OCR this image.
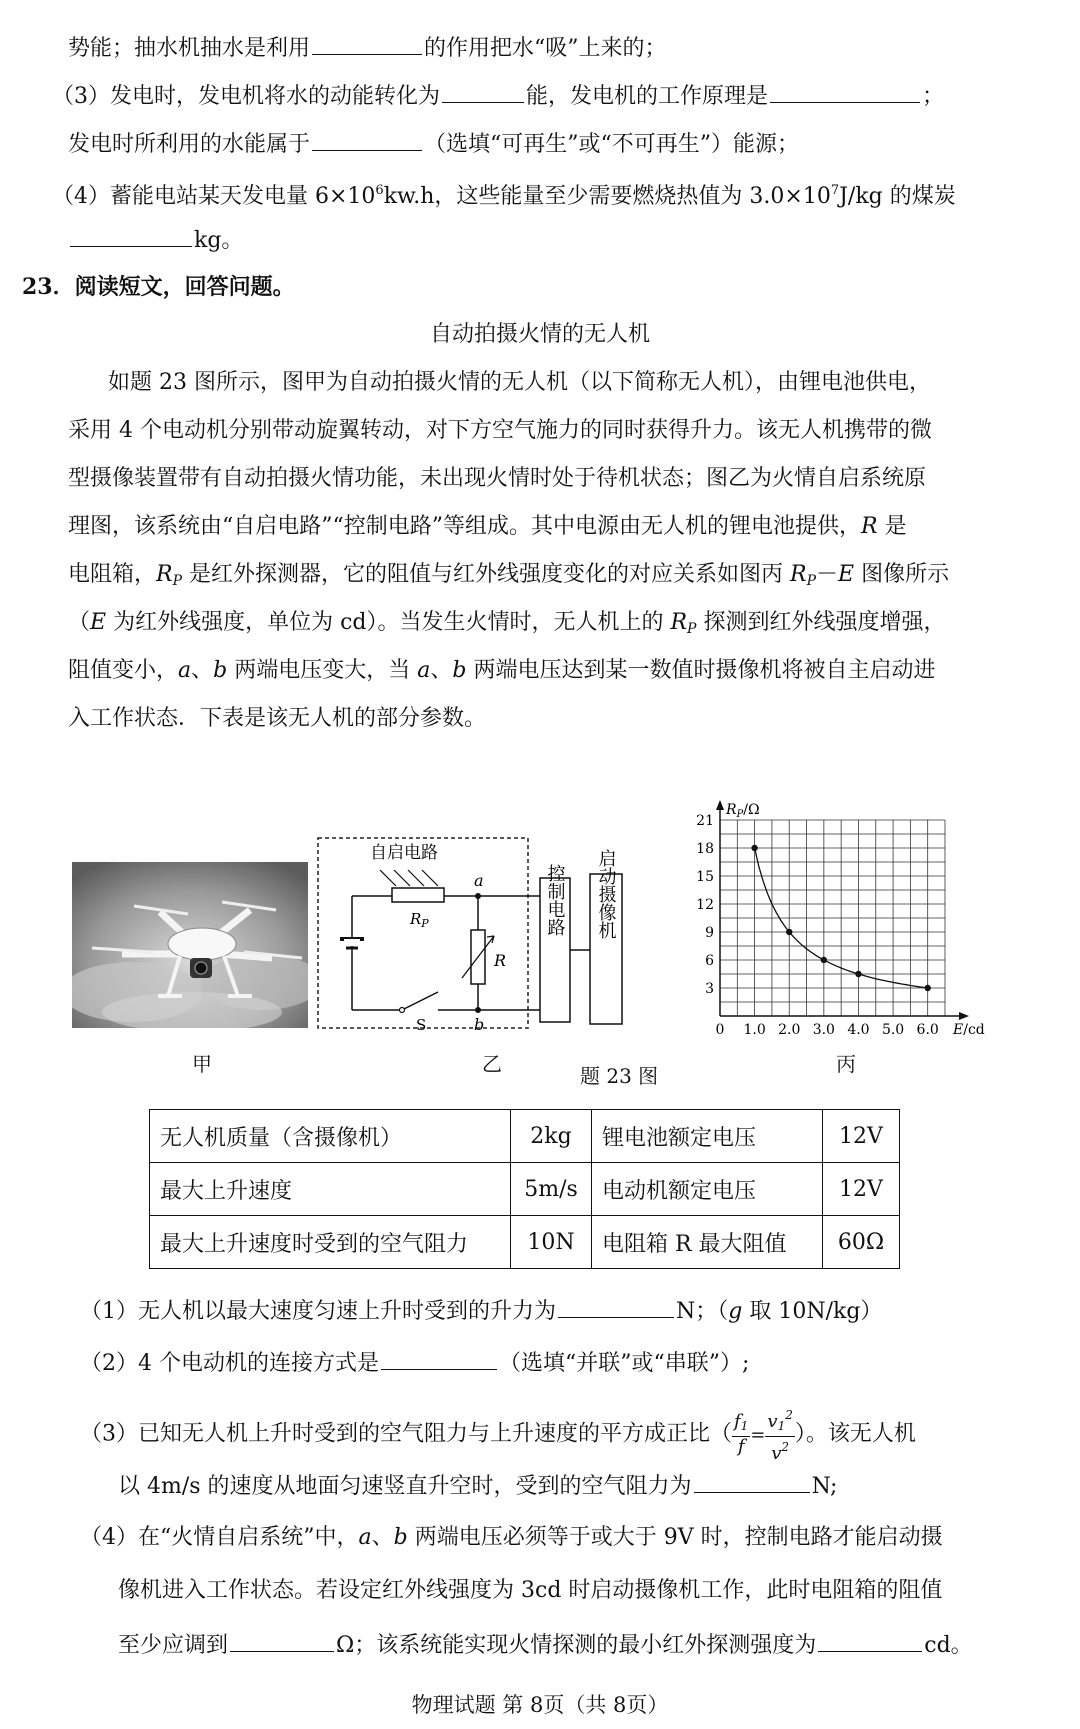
势能；抽水机抽水是利用	的作用把水“吸”上来的；
（3）发电时，发电机将水的动能转化为	能，发电机的工作原理是	；
发电时所利用的水能属于	（选填“可再生”或“不可再生”）能源；
（4）蓄能电站某天发电量 $6\times 10^6kw.h$，这些能量至少需要燃烧热值为 $3.0\times 10^7J/kg$ 的煤炭
kg。
23．阅读短文，回答问题。
自动拍摄火情的无人机
如题 23 图所示，图甲为自动拍摄火情的无人机（以下简称无人机），由锂电池供电，
采用 4 个电动机分别带动旋翼转动，对下方空气施力的同时获得升力。该无人机携带的微
型摄像装置带有自动拍摄火情功能，未出现火情时处于待机状态；图乙为火情自启系统原
理图，该系统由“自启电路”“控制电路”等组成。其中电源由无人机的锂电池提供，R 是
电阻箱，$R_P$ 是红外探测器，它的阻值与红外线强度变化的对应关系如图丙 $R_P-E$ 图像所示
（E 为红外线强度，单位为 cd）。当发生火情时，无人机上的 $R_P$ 探测到红外线强度增强，
阻值变小，a、b 两端电压变大，当 a、b 两端电压达到某一数值时摄像机将被自主启动进
入工作状态．下表是该无人机的部分参数。
甲
自启电路
$R_P$
R
a
b
S
控制电路 启动摄像机
乙	题 23 图
3
6
9
12
15
18
21
0 1.0 2.0 3.0 4.0 5.0 6.0
$R_P/\Omega$
E/cd
丙
无人机质量（含摄像机）	2kg	锂电池额定电压	12V
最大上升速度	5m/s	电动机额定电压	12V
最大上升速度时受到的空气阻力	10N	电阻箱 R 最大阻值	60Ω
（1）无人机以最大速度匀速上升时受到的升力为	N；（g 取 10N/kg）
（2）4 个电动机的连接方式是	（选填“并联”或“串联”）;
（3）已知无人机上升时受到的空气阻力与上升速度的平方成正比（ $\frac{f1}{f} = \frac{v1^2}{v^2}$ ）。该无人机
以 4m/s 的速度从地面匀速竖直升空时，受到的空气阻力为	N;
（4）在“火情自启系统”中，a、b 两端电压必须等于或大于 9V 时，控制电路才能启动摄
像机进入工作状态。若设定红外线强度为 3cd 时启动摄像机工作，此时电阻箱的阻值
至少应调到	Ω；该系统能实现火情探测的最小红外探测强度为	cd。
物理试题 第 8页（共 8页）
